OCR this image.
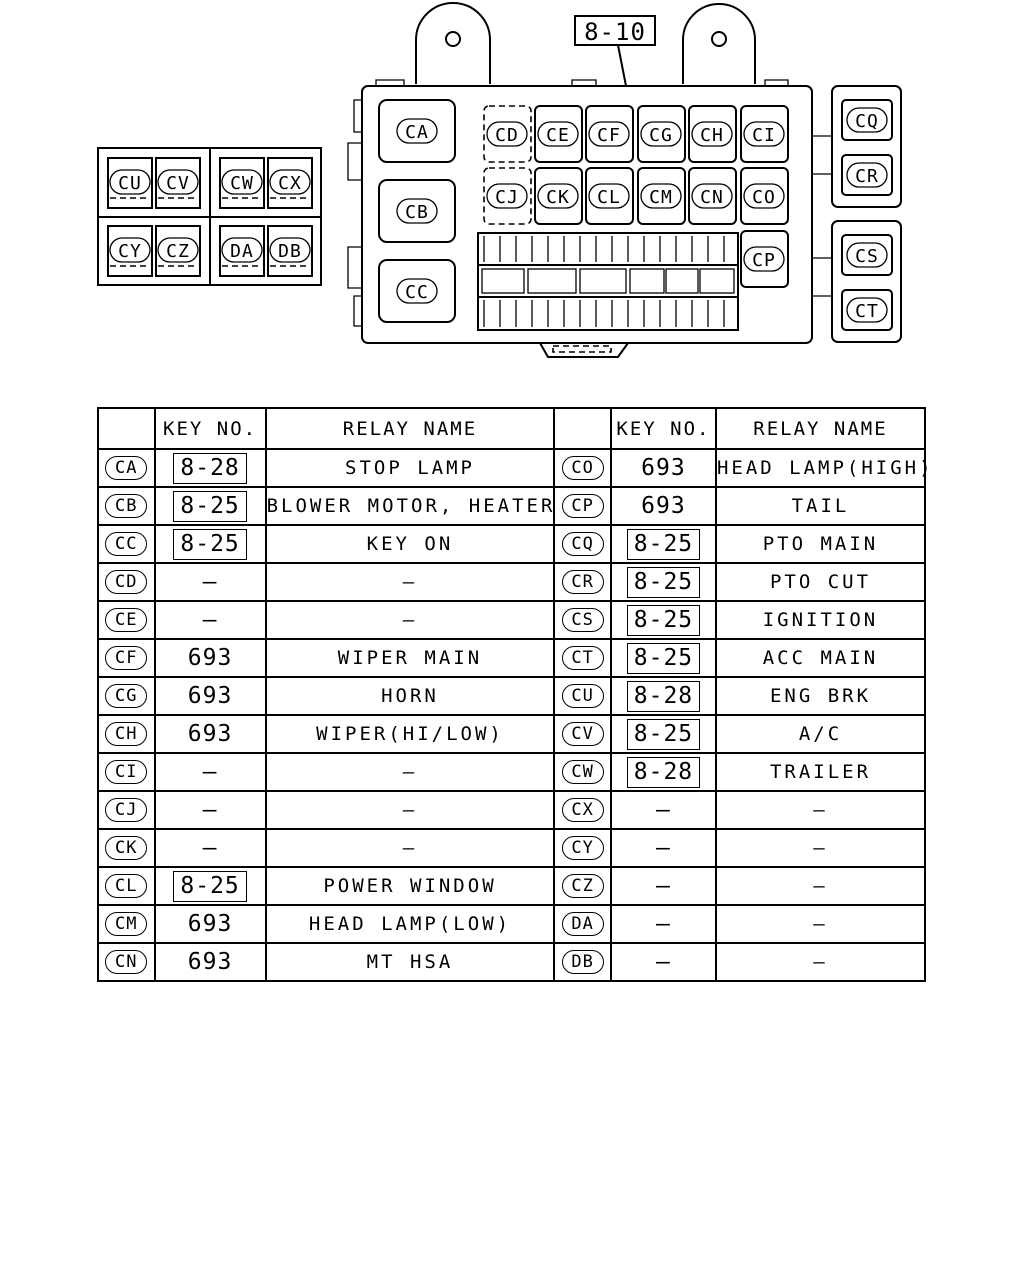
8-10
CA
CB
CC
CD CE CF CG CH CI
CJ CK CL CM CN CO
CP
CQ
CR
CS
CT
CU CV CW CX
CY CZ DA DB
	KEY NO.	RELAY NAME		KEY NO.	RELAY NAME
CA	8-28	STOP LAMP	CO	693	HEAD LAMP(HIGH)
CB	8-25	BLOWER MOTOR, HEATER	CP	693	TAIL
CC	8-25	KEY ON	CQ	8-25	PTO MAIN
CD	—	—	CR	8-25	PTO CUT
CE	—	—	CS	8-25	IGNITION
CF	693	WIPER MAIN	CT	8-25	ACC MAIN
CG	693	HORN	CU	8-28	ENG BRK
CH	693	WIPER(HI/LOW)	CV	8-25	A/C
CI	—	—	CW	8-28	TRAILER
CJ	—	—	CX	—	—
CK	—	—	CY	—	—
CL	8-25	POWER WINDOW	CZ	—	—
CM	693	HEAD LAMP(LOW)	DA	—	—
CN	693	MT HSA	DB	—	—
